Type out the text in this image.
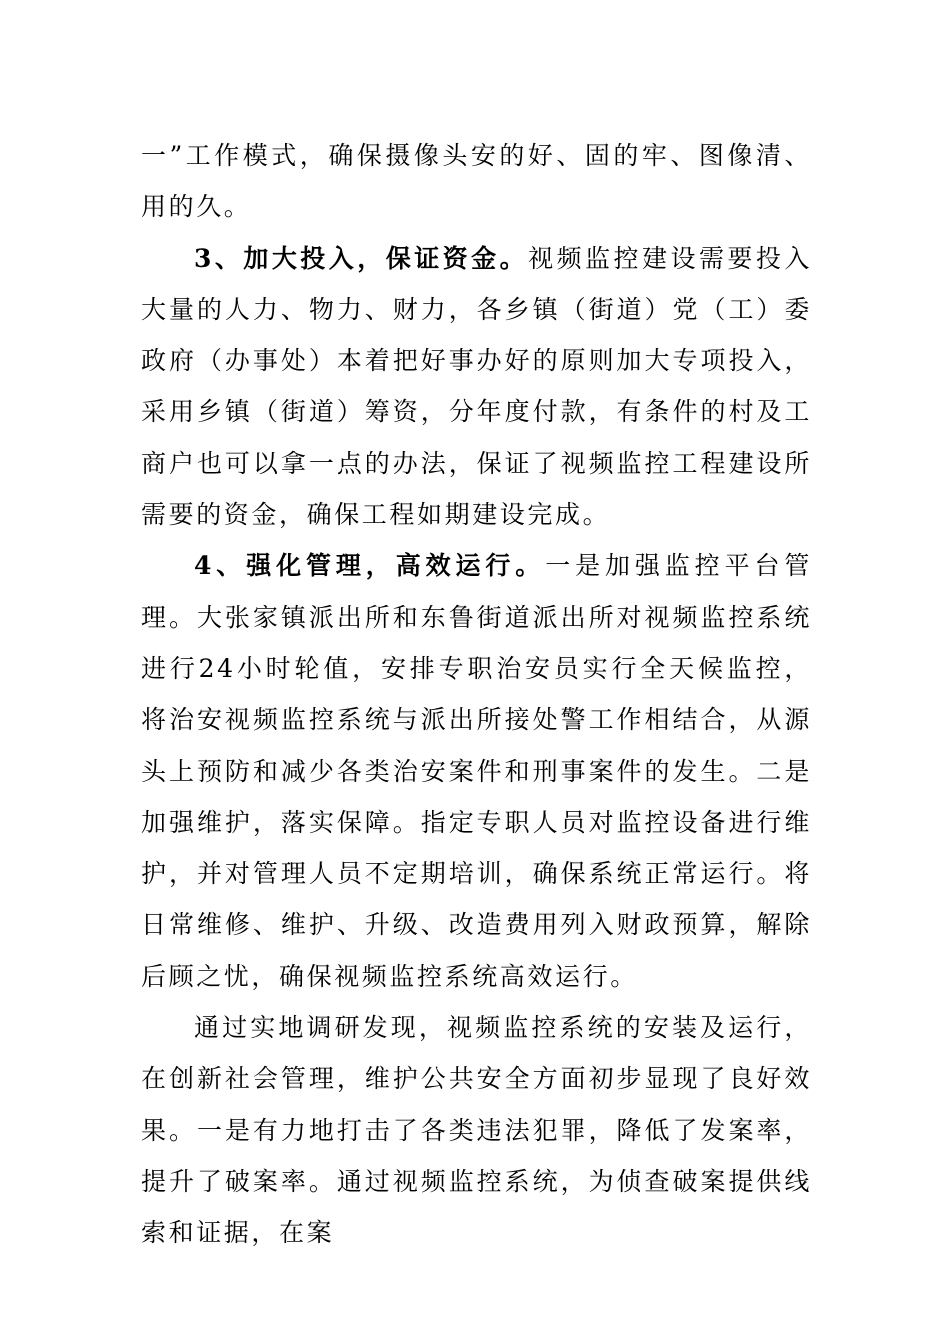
一”工作模式，确保摄像头安的好、固的牢、图像清、用的久。

3、加大投入，保证资金。视频监控建设需要投入大量的人力、物力、财力，各乡镇（街道）党（工）委政府（办事处）本着把好事办好的原则加大专项投入，采用乡镇（街道）筹资，分年度付款，有条件的村及工商户也可以拿一点的办法，保证了视频监控工程建设所需要的资金，确保工程如期建设完成。

4、强化管理，高效运行。一是加强监控平台管理。大张家镇派出所和东鲁街道派出所对视频监控系统进行24小时轮值，安排专职治安员实行全天候监控，将治安视频监控系统与派出所接处警工作相结合，从源头上预防和减少各类治安案件和刑事案件的发生。二是加强维护，落实保障。指定专职人员对监控设备进行维护，并对管理人员不定期培训，确保系统正常运行。将日常维修、维护、升级、改造费用列入财政预算，解除后顾之忧，确保视频监控系统高效运行。

通过实地调研发现，视频监控系统的安装及运行，在创新社会管理，维护公共安全方面初步显现了良好效果。一是有力地打击了各类违法犯罪，降低了发案率，提升了破案率。通过视频监控系统，为侦查破案提供线索和证据，在案
